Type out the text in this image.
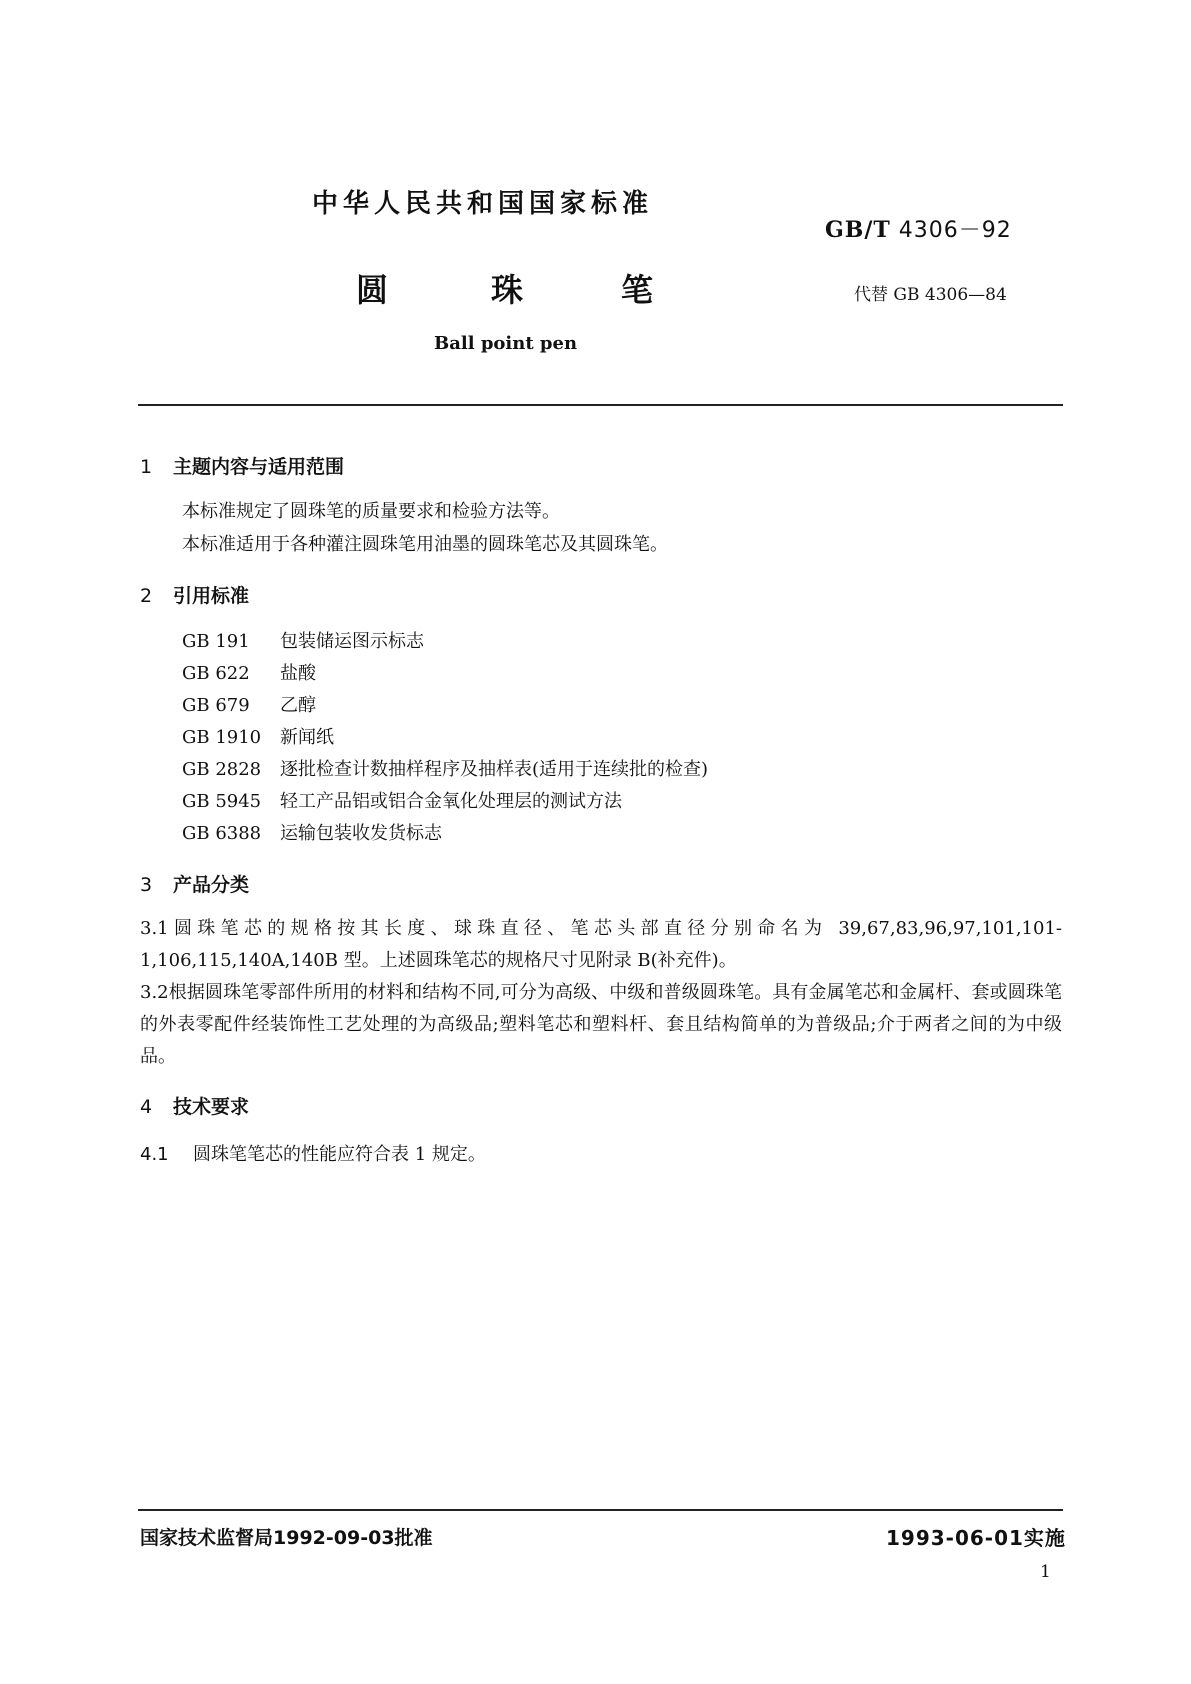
中华人民共和国国家标准
GB/T 4306－92
圆	珠	笔	代替 GB 4306—84
Ball point pen
1 主题内容与适用范围
本标准规定了圆珠笔的质量要求和检验方法等。
本标准适用于各种灌注圆珠笔用油墨的圆珠笔芯及其圆珠笔。
2 引用标准
GB 191 包装储运图示标志
GB 622 盐酸
GB 679 乙醇
GB 1910 新闻纸
GB 2828 逐批检查计数抽样程序及抽样表(适用于连续批的检查)
GB 5945 轻工产品铝或铝合金氧化处理层的测试方法
GB 6388 运输包装收发货标志
3 产品分类
3.1圆珠笔芯的规格按其长度、球珠直径、笔芯头部直径分别命名为 39,67,83,96,97,101,101-1,106,115,140A,140B 型。上述圆珠笔芯的规格尺寸见附录 B(补充件)。
3.2根据圆珠笔零部件所用的材料和结构不同,可分为高级、中级和普级圆珠笔。具有金属笔芯和金属杆、套或圆珠笔的外表零配件经装饰性工艺处理的为高级品;塑料笔芯和塑料杆、套且结构简单的为普级品;介于两者之间的为中级品。
4 技术要求
4.1 圆珠笔笔芯的性能应符合表 1 规定。
国家技术监督局1992-09-03批准	1993-06-01实施
1
